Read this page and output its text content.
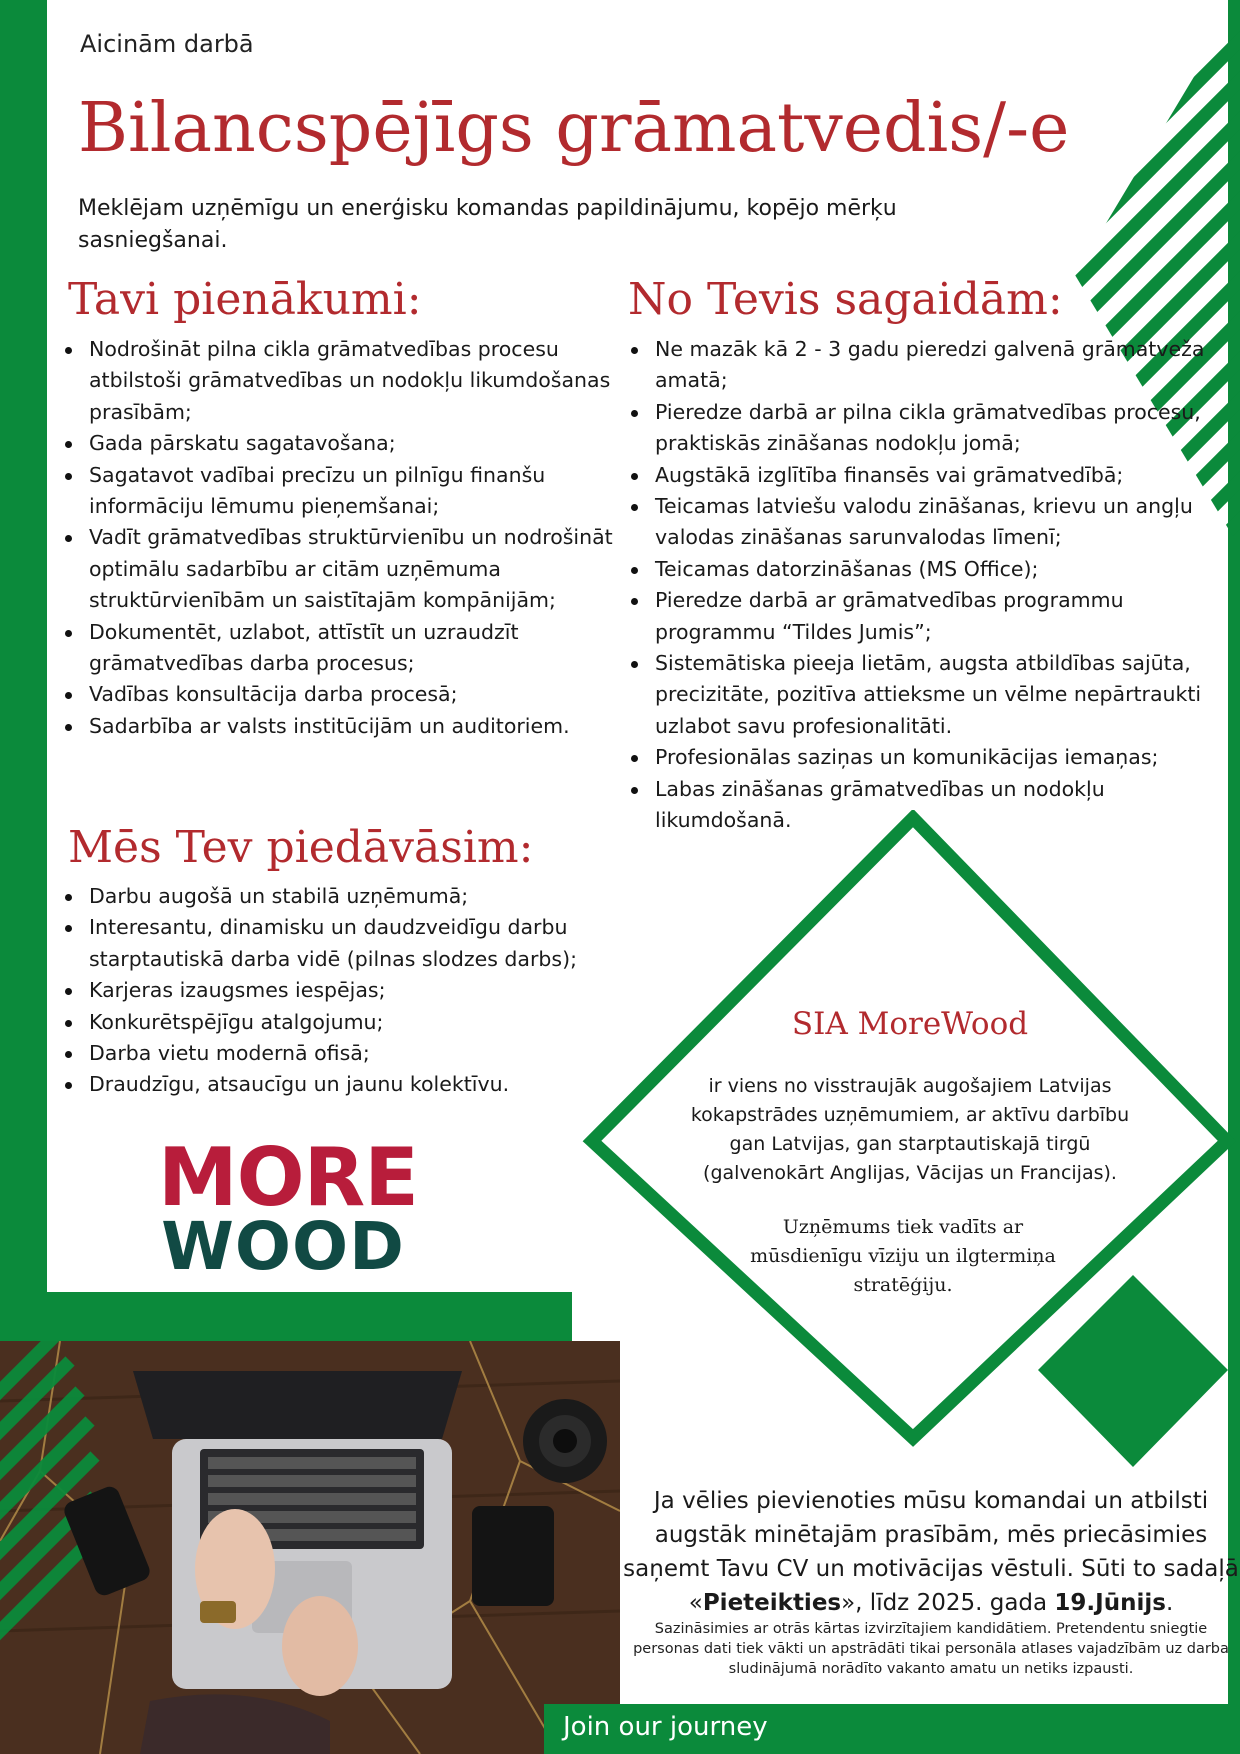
Aicinām darbā
Bilancspējīgs grāmatvedis/-e
Meklējam uzņēmīgu un enerģisku komandas papildinājumu, kopējo mērķu sasniegšanai.
Tavi pienākumi:
Nodrošināt pilna cikla grāmatvedības procesu atbilstoši grāmatvedības un nodokļu likumdošanas prasībām;
Gada pārskatu sagatavošana;
Sagatavot vadībai precīzu un pilnīgu finanšu informāciju lēmumu pieņemšanai;
Vadīt grāmatvedības struktūrvienību un nodrošināt optimālu sadarbību ar citām uzņēmuma struktūrvienībām un saistītajām kompānijām;
Dokumentēt, uzlabot, attīstīt un uzraudzīt grāmatvedības darba procesus;
Vadības konsultācija darba procesā;
Sadarbība ar valsts institūcijām un auditoriem.
No Tevis sagaidām:
Ne mazāk kā 2 - 3 gadu pieredzi galvenā grāmatveža amatā;
Pieredze darbā ar pilna cikla grāmatvedības procesu, praktiskās zināšanas nodokļu jomā;
Augstākā izglītība finansēs vai grāmatvedībā;
Teicamas latviešu valodu zināšanas, krievu un angļu valodas zināšanas sarunvalodas līmenī;
Teicamas datorzināšanas (MS Office);
Pieredze darbā ar grāmatvedības programmu programmu “Tildes Jumis”;
Sistemātiska pieeja lietām, augsta atbildības sajūta, precizitāte, pozitīva attieksme un vēlme nepārtraukti uzlabot savu profesionalitāti.
Profesionālas saziņas un komunikācijas iemaņas;
Labas zināšanas grāmatvedības un nodokļu likumdošanā.
Mēs Tev piedāvāsim:
Darbu augošā un stabilā uzņēmumā;
Interesantu, dinamisku un daudzveidīgu darbu starptautiskā darba vidē (pilnas slodzes darbs);
Karjeras izaugsmes iespējas;
Konkurētspējīgu atalgojumu;
Darba vietu modernā ofisā;
Draudzīgu, atsaucīgu un jaunu kolektīvu.
SIA MoreWood
ir viens no visstraujāk augošajiem Latvijas kokapstrādes uzņēmumiem, ar aktīvu darbību gan Latvijas, gan starptautiskajā tirgū (galvenokārt Anglijas, Vācijas un Francijas).
Uzņēmums tiek vadīts ar mūsdienīgu vīziju un ilgtermiņa stratēģiju.
MORE
WOOD
Ja vēlies pievienoties mūsu komandai un atbilsti augstāk minētajām prasībām, mēs priecāsimies saņemt Tavu CV un motivācijas vēstuli. Sūti to sadaļā «Pieteikties», līdz 2025. gada 19.Jūnijs.
Sazināsimies ar otrās kārtas izvirzītajiem kandidātiem. Pretendentu sniegtie personas dati tiek vākti un apstrādāti tikai personāla atlases vajadzībām uz darba sludinājumā norādīto vakanto amatu un netiks izpausti.
Join our journey
